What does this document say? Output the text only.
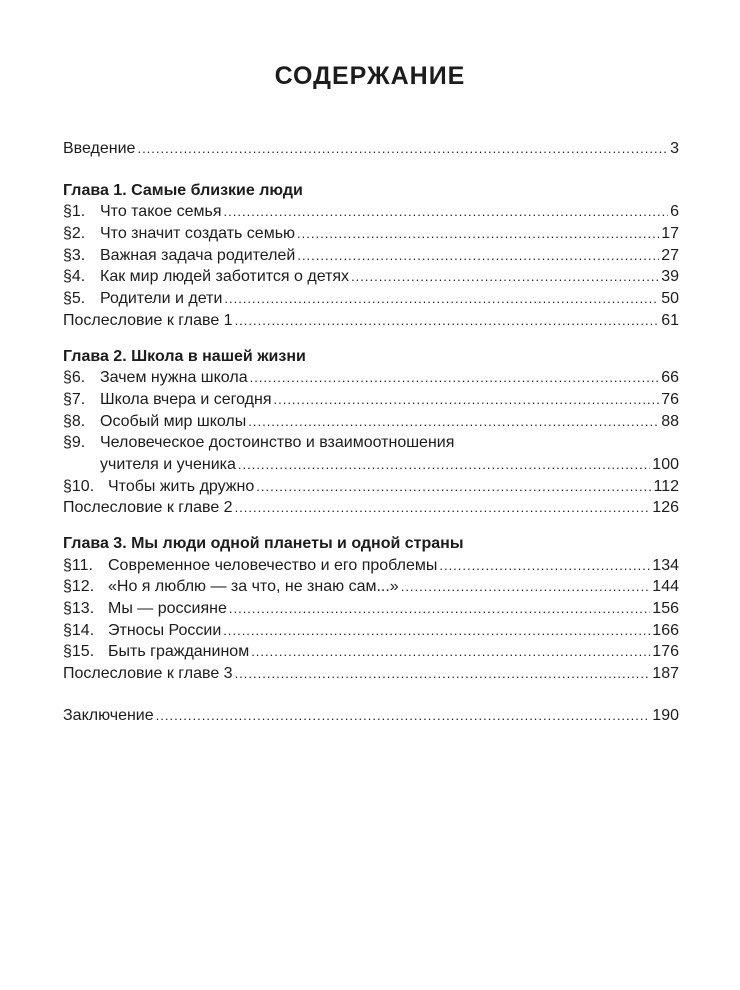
СОДЕРЖАНИЕ
Введение .....	3
Глава 1. Самые близкие люди
§1. Что такое семья .....	6
§2. Что значит создать семью .....	17
§3. Важная задача родителей .....	27
§4. Как мир людей заботится о детях .....	39
§5. Родители и дети .....	50
Послесловие к главе 1 .....	61
Глава 2. Школа в нашей жизни
§6. Зачем нужна школа .....	66
§7. Школа вчера и сегодня .....	76
§8. Особый мир школы .....	88
§9. Человеческое достоинство и взаимоотношения
учителя и ученика .....	100
§10. Чтобы жить дружно .....	112
Послесловие к главе 2 .....	126
Глава 3. Мы люди одной планеты и одной страны
§11. Современное человечество и его проблемы .....	134
§12. «Но я люблю — за что, не знаю сам...» .....	144
§13. Мы — россияне .....	156
§14. Этносы России .....	166
§15. Быть гражданином .....	176
Послесловие к главе 3 .....	187
Заключение .....	190
